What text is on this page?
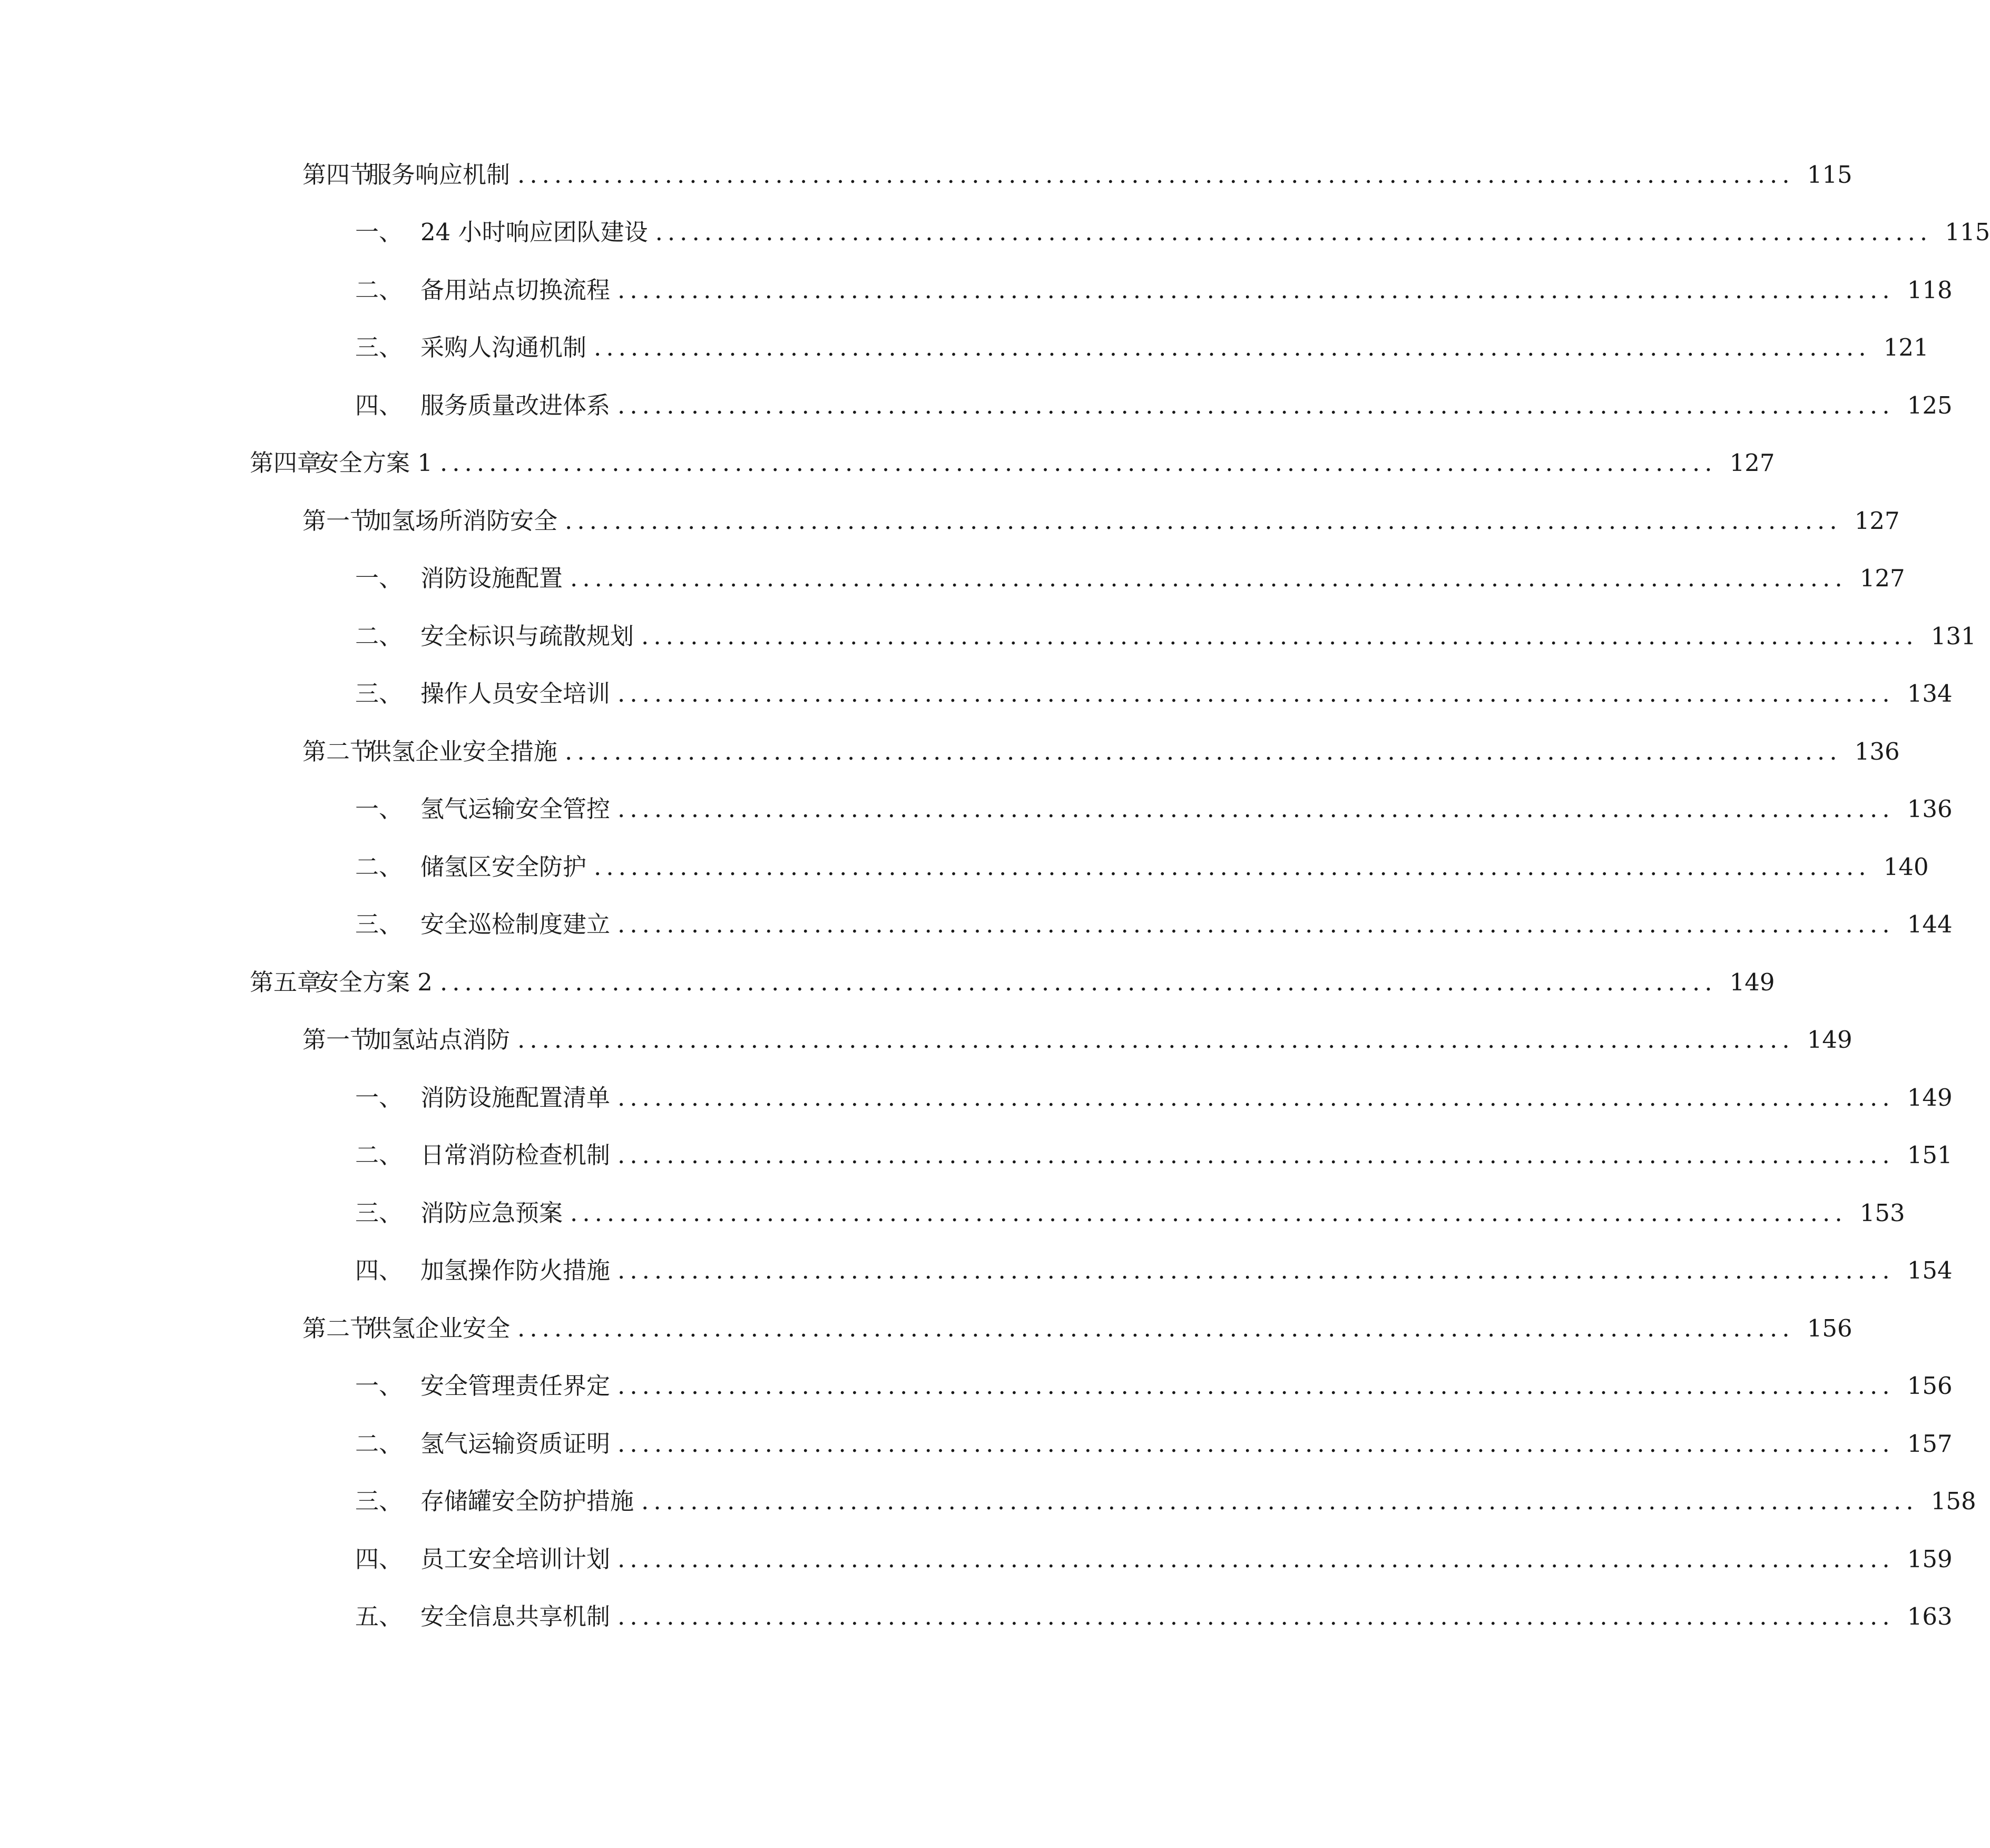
第四节
服务响应机制 ........................................................................................................ 115
一、 24 小时响应团队建设 ........................................................................................................ 115
二、 备用站点切换流程 ........................................................................................................ 118
三、 采购人沟通机制 ........................................................................................................ 121
四、 服务质量改进体系 ........................................................................................................ 125
第四章
安全方案 1 ........................................................................................................ 127
第一节
加氢场所消防安全 ........................................................................................................ 127
一、 消防设施配置 ........................................................................................................ 127
二、 安全标识与疏散规划 ........................................................................................................ 131
三、 操作人员安全培训 ........................................................................................................ 134
第二节
供氢企业安全措施 ........................................................................................................ 136
一、 氢气运输安全管控 ........................................................................................................ 136
二、 储氢区安全防护 ........................................................................................................ 140
三、 安全巡检制度建立 ........................................................................................................ 144
第五章
安全方案 2 ........................................................................................................ 149
第一节
加氢站点消防 ........................................................................................................ 149
一、 消防设施配置清单 ........................................................................................................ 149
二、 日常消防检查机制 ........................................................................................................ 151
三、 消防应急预案 ........................................................................................................ 153
四、 加氢操作防火措施 ........................................................................................................ 154
第二节
供氢企业安全 ........................................................................................................ 156
一、 安全管理责任界定 ........................................................................................................ 156
二、 氢气运输资质证明 ........................................................................................................ 157
三、 存储罐安全防护措施 ........................................................................................................ 158
四、 员工安全培训计划 ........................................................................................................ 159
五、 安全信息共享机制 ........................................................................................................ 163
